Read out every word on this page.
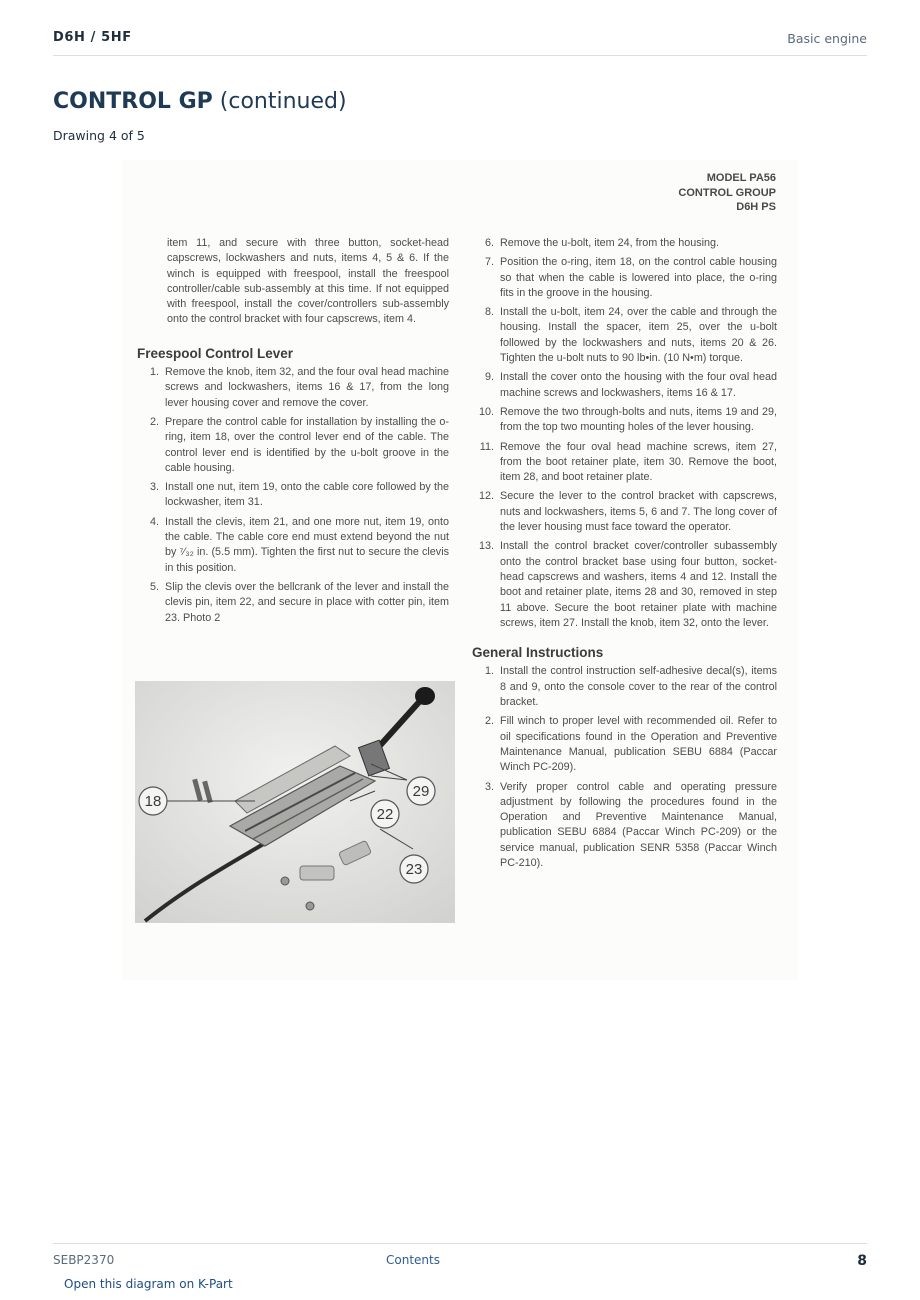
D6H / 5HF	Basic engine
CONTROL GP (continued)
Drawing 4 of 5
MODEL PA56
CONTROL GROUP
D6H PS

item 11, and secure with three button, socket-head capscrews, lockwashers and nuts, items 4, 5 & 6. If the winch is equipped with freespool, install the freespool controller/cable sub-assembly at this time. If not equipped with freespool, install the cover/controllers sub-assembly onto the control bracket with four capscrews, item 4.

Freespool Control Lever
1. Remove the knob, item 32, and the four oval head machine screws and lockwashers, items 16 & 17, from the long lever housing cover and remove the cover.
2. Prepare the control cable for installation by installing the o-ring, item 18, over the control lever end of the cable. The control lever end is identified by the u-bolt groove in the cable housing.
3. Install one nut, item 19, onto the cable core followed by the lockwasher, item 31.
4. Install the clevis, item 21, and one more nut, item 19, onto the cable. The cable core end must extend beyond the nut by ⁷⁄₃₂ in. (5.5 mm). Tighten the first nut to secure the clevis in this position.
5. Slip the clevis over the bellcrank of the lever and install the clevis pin, item 22, and secure in place with cotter pin, item 23. Photo 2
6. Remove the u-bolt, item 24, from the housing.
7. Position the o-ring, item 18, on the control cable housing so that when the cable is lowered into place, the o-ring fits in the groove in the housing.
8. Install the u-bolt, item 24, over the cable and through the housing. Install the spacer, item 25, over the u-bolt followed by the lockwashers and nuts, items 20 & 26. Tighten the u-bolt nuts to 90 lb•in. (10 N•m) torque.
9. Install the cover onto the housing with the four oval head machine screws and lockwashers, items 16 & 17.
10. Remove the two through-bolts and nuts, items 19 and 29, from the top two mounting holes of the lever housing.
11. Remove the four oval head machine screws, item 27, from the boot retainer plate, item 30. Remove the boot, item 28, and boot retainer plate.
12. Secure the lever to the control bracket with capscrews, nuts and lockwashers, items 5, 6 and 7. The long cover of the lever housing must face toward the operator.
13. Install the control bracket cover/controller subassembly onto the control bracket base using four button, socket-head capscrews and washers, items 4 and 12. Install the boot and retainer plate, items 28 and 30, removed in step 11 above. Secure the boot retainer plate with machine screws, item 27. Install the knob, item 32, onto the lever.
General Instructions
1. Install the control instruction self-adhesive decal(s), items 8 and 9, onto the console cover to the rear of the control bracket.
2. Fill winch to proper level with recommended oil. Refer to oil specifications found in the Operation and Preventive Maintenance Manual, publication SEBU 6884 (Paccar Winch PC-209).
3. Verify proper control cable and operating pressure adjustment by following the procedures found in the Operation and Preventive Maintenance Manual, publication SEBU 6884 (Paccar Winch PC-209) or the service manual, publication SENR 5358 (Paccar Winch PC-210).
18
22
29
23
SEBP2370	Contents	8
Open this diagram on K-Part
